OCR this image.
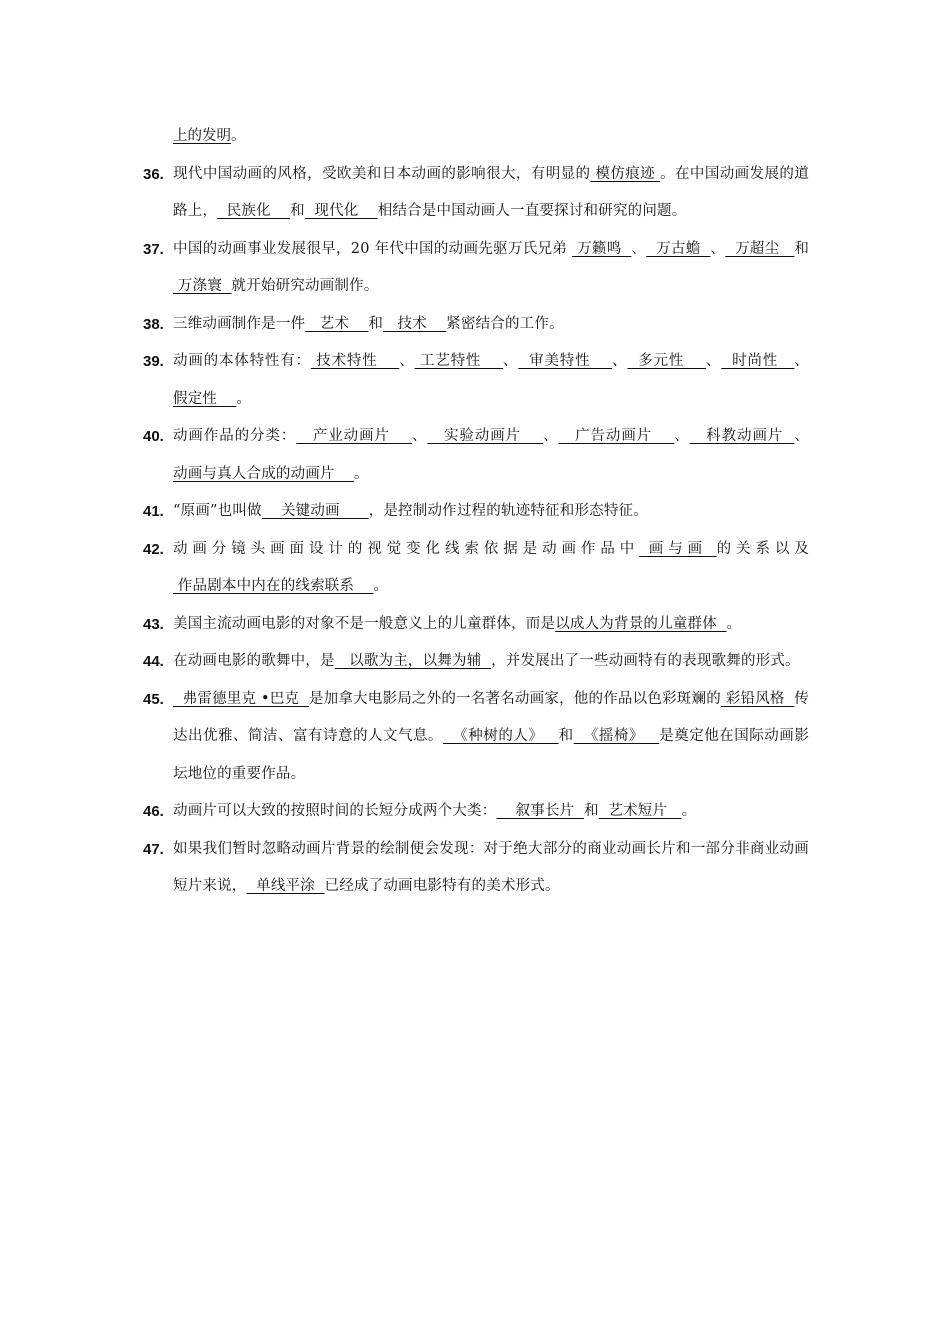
上的发明。
36. 现代中国动画的风格，受欧美和日本动画的影响很大，有明显的 模仿痕迹 。在中国动画发展的道路上，  民族化    和  现代化    相结合是中国动画人一直要探讨和研究的问题。
37. 中国的动画事业发展很早，20 年代中国的动画先驱万氏兄弟  万籁鸣  、  万古蟾  、  万超尘   和 万涤寰  就开始研究动画制作。
38. 三维动画制作是一件   艺术    和   技术    紧密结合的工作。
39. 动画的本体特性有： 技术特性    、 工艺特性    、  审美特性    、  多元性    、  时尚性   、假定性    。
40. 动画作品的分类：   产业动画片    、   实验动画片    、   广告动画片    、   科教动画片  、动画与真人合成的动画片    。
41. “原画”也叫做    关键动画      ，是控制动作过程的轨迹特征和形态特征。
42. 动画分镜头画面设计的视觉变化线索依据是动画作品中 画与画 的关系以及 作品剧本中内在的线索联系    。
43. 美国主流动画电影的对象不是一般意义上的儿童群体，而是以成人为背景的儿童群体  。
44. 在动画电影的歌舞中，是   以歌为主，以舞为辅  ，并发展出了一些动画特有的表现歌舞的形式。
45. 弗雷德里克 •巴克  是加拿大电影局之外的一名著名动画家，他的作品以色彩斑斓的 彩铅风格  传达出优雅、简洁、富有诗意的人文气息。  《种树的人》   和  《摇椅》   是奠定他在国际动画影坛地位的重要作品。
46. 动画片可以大致的按照时间的长短分成两个大类：    叙事长片  和  艺术短片   。
47. 如果我们暂时忽略动画片背景的绘制便会发现：对于绝大部分的商业动画长片和一部分非商业动画短片来说，  单线平涂  已经成了动画电影特有的美术形式。
